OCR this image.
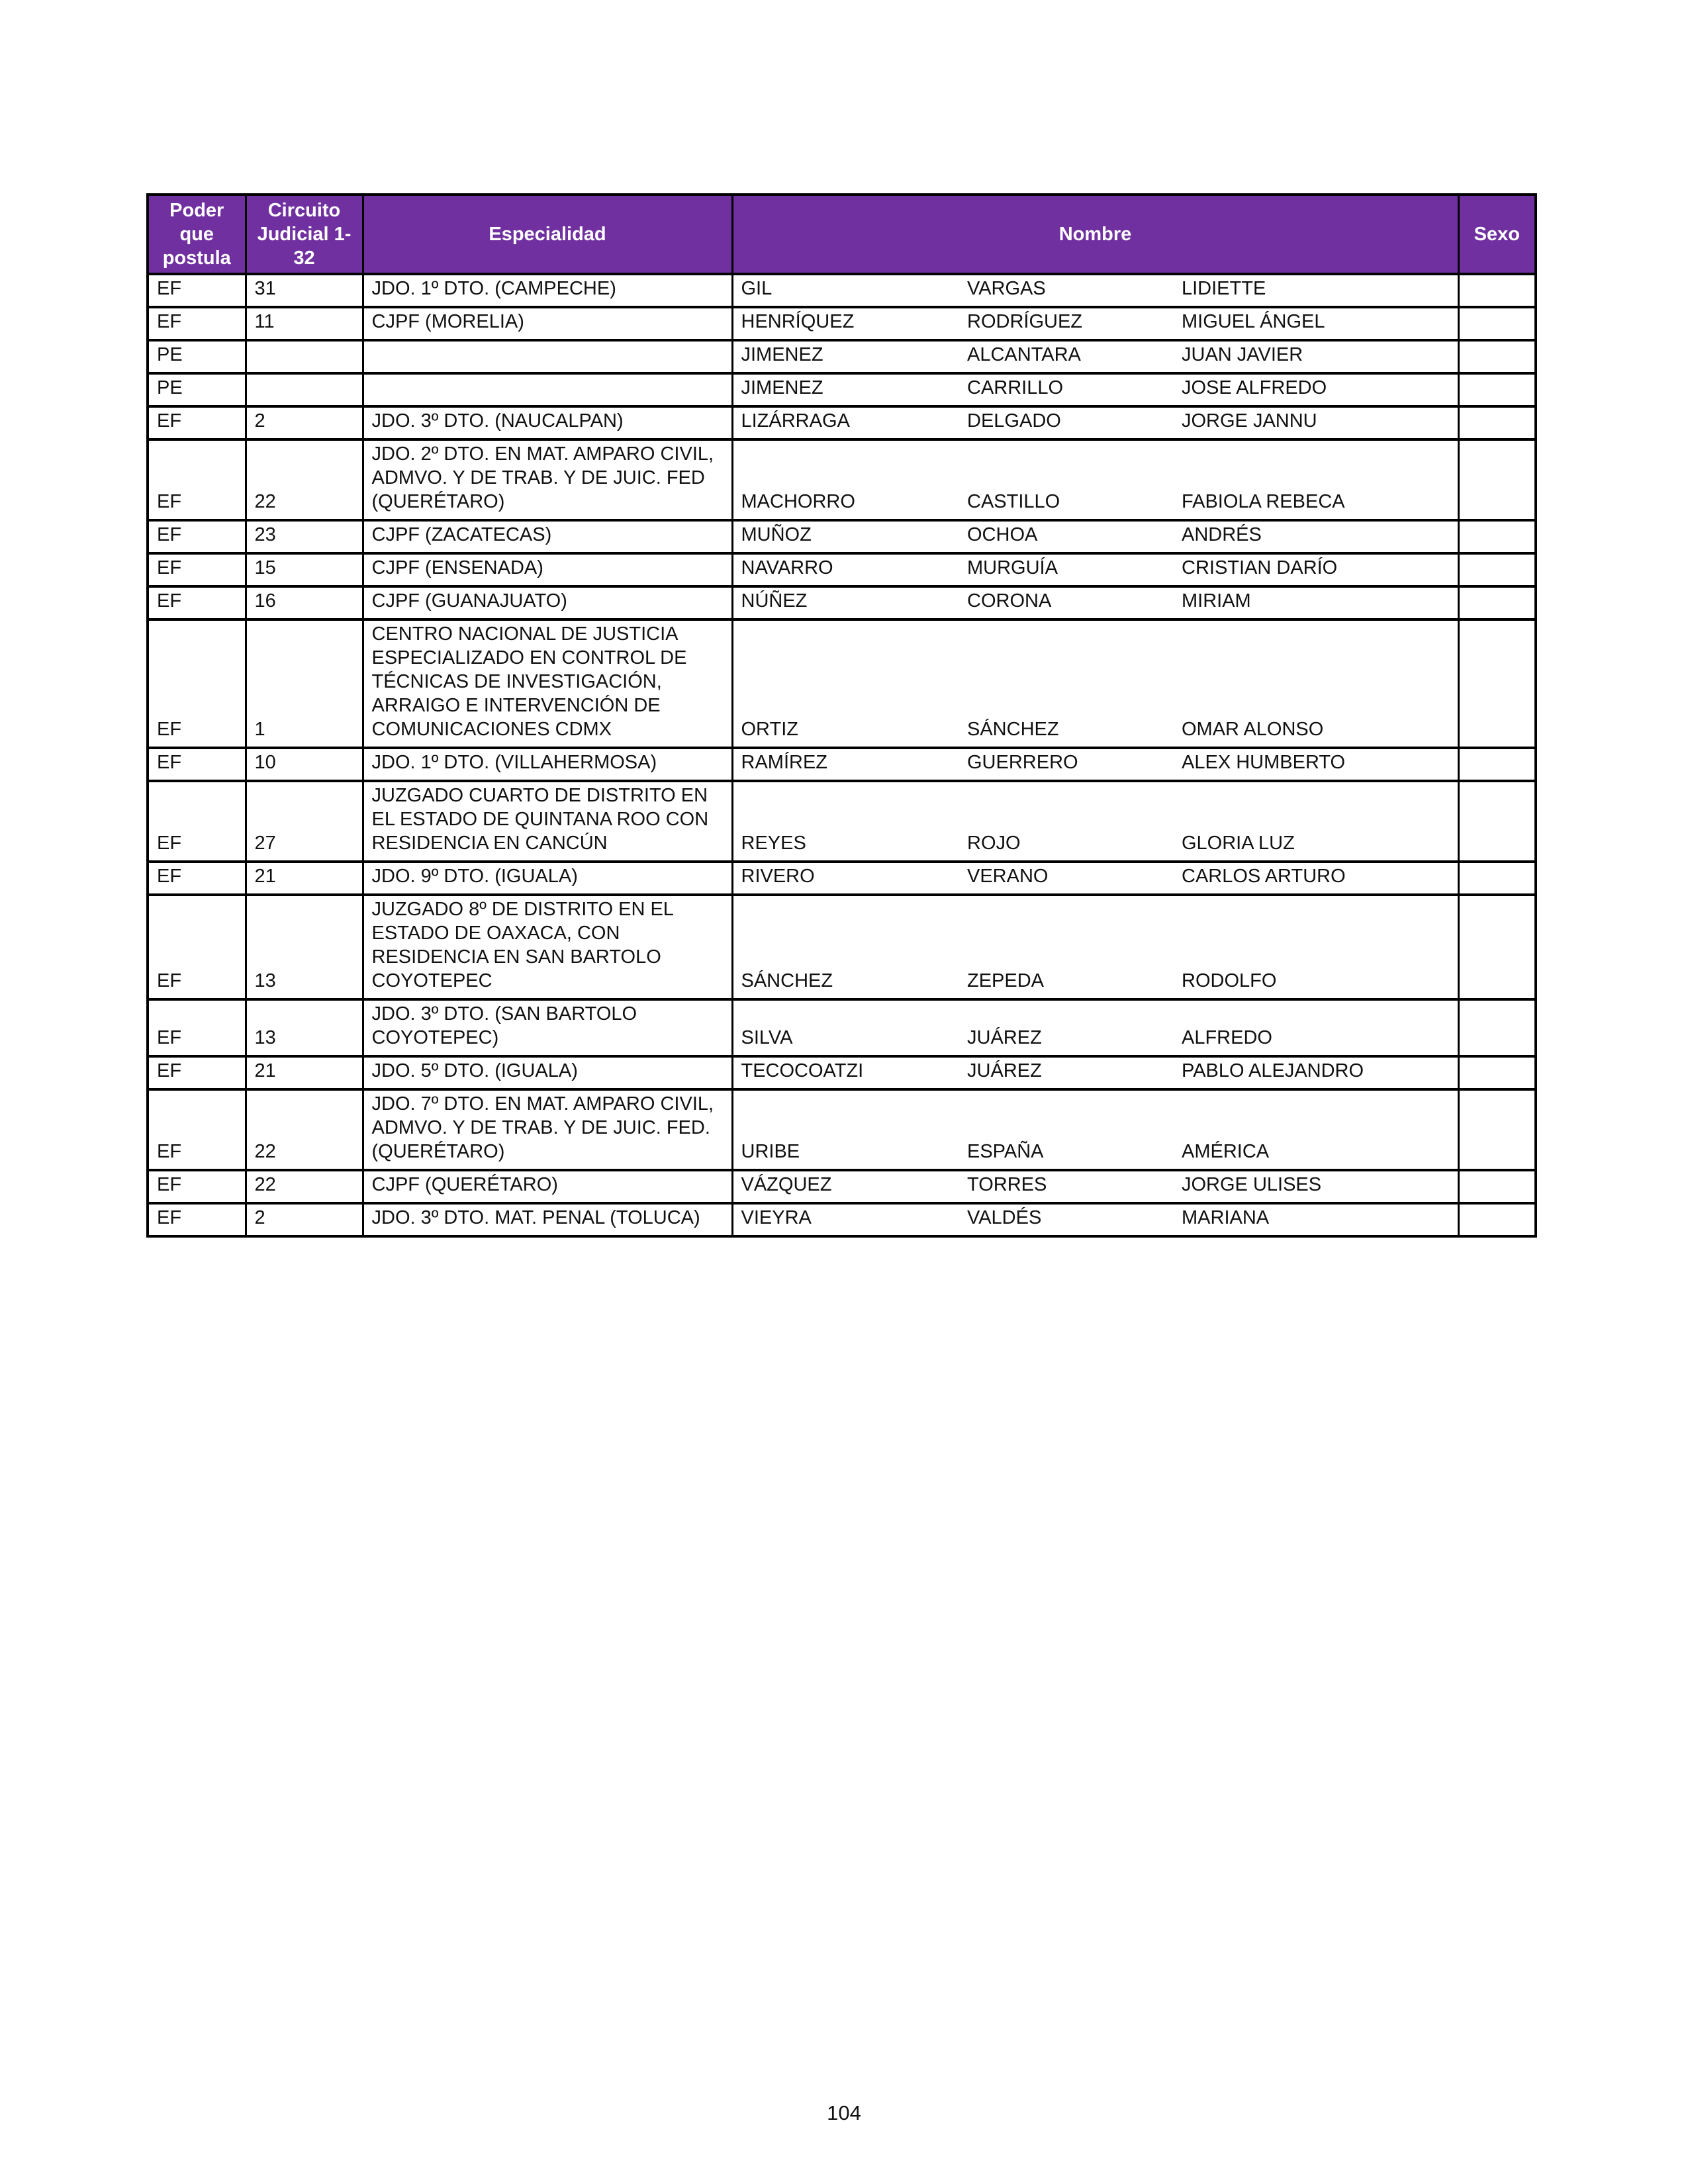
Poder que postula	Circuito Judicial 1-32	Especialidad	Nombre			Sexo
EF	31	JDO. 1º DTO. (CAMPECHE)	GIL	VARGAS	LIDIETTE	
EF	11	CJPF (MORELIA)	HENRÍQUEZ	RODRÍGUEZ	MIGUEL ÁNGEL	
PE			JIMENEZ	ALCANTARA	JUAN JAVIER	
PE			JIMENEZ	CARRILLO	JOSE ALFREDO	
EF	2	JDO. 3º DTO. (NAUCALPAN)	LIZÁRRAGA	DELGADO	JORGE JANNU	
EF	22	JDO. 2º DTO. EN MAT. AMPARO CIVIL, ADMVO. Y DE TRAB. Y DE JUIC. FED (QUERÉTARO)	MACHORRO	CASTILLO	FABIOLA REBECA	
EF	23	CJPF (ZACATECAS)	MUÑOZ	OCHOA	ANDRÉS	
EF	15	CJPF (ENSENADA)	NAVARRO	MURGUÍA	CRISTIAN DARÍO	
EF	16	CJPF (GUANAJUATO)	NÚÑEZ	CORONA	MIRIAM	
EF	1	CENTRO NACIONAL DE JUSTICIA ESPECIALIZADO EN CONTROL DE TÉCNICAS DE INVESTIGACIÓN, ARRAIGO E INTERVENCIÓN DE COMUNICACIONES CDMX	ORTIZ	SÁNCHEZ	OMAR ALONSO	
EF	10	JDO. 1º DTO. (VILLAHERMOSA)	RAMÍREZ	GUERRERO	ALEX HUMBERTO	
EF	27	JUZGADO CUARTO DE DISTRITO EN EL ESTADO DE QUINTANA ROO CON RESIDENCIA EN CANCÚN	REYES	ROJO	GLORIA LUZ	
EF	21	JDO. 9º DTO. (IGUALA)	RIVERO	VERANO	CARLOS ARTURO	
EF	13	JUZGADO 8º DE DISTRITO EN EL ESTADO DE OAXACA, CON RESIDENCIA EN SAN BARTOLO COYOTEPEC	SÁNCHEZ	ZEPEDA	RODOLFO	
EF	13	JDO. 3º DTO. (SAN BARTOLO COYOTEPEC)	SILVA	JUÁREZ	ALFREDO	
EF	21	JDO. 5º DTO. (IGUALA)	TECOCOATZI	JUÁREZ	PABLO ALEJANDRO	
EF	22	JDO. 7º DTO. EN MAT. AMPARO CIVIL, ADMVO. Y DE TRAB. Y DE JUIC. FED. (QUERÉTARO)	URIBE	ESPAÑA	AMÉRICA	
EF	22	CJPF (QUERÉTARO)	VÁZQUEZ	TORRES	JORGE ULISES	
EF	2	JDO. 3º DTO. MAT. PENAL (TOLUCA)	VIEYRA	VALDÉS	MARIANA	
104
